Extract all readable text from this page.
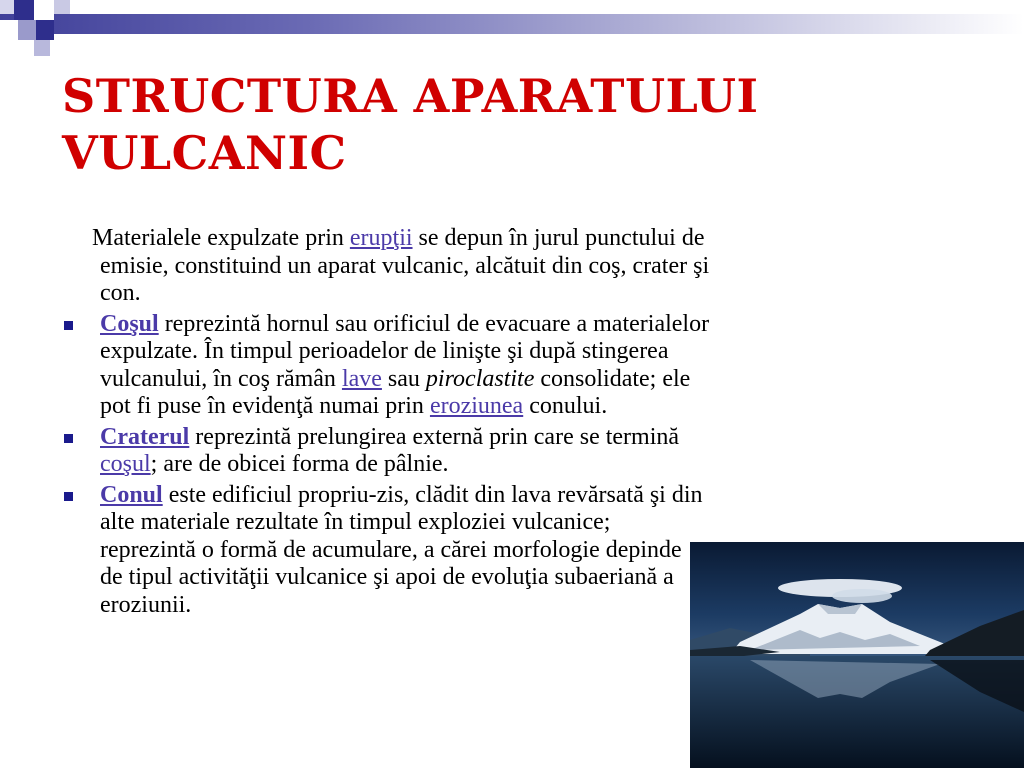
STRUCTURA APARATULUI
VULCANIC

Materialele expulzate prin erupţii se depun în jurul punctului de emisie, constituind un aparat vulcanic, alcătuit din coş, crater şi con.

Coşul reprezintă hornul sau orificiul de evacuare a materialelor expulzate. În timpul perioadelor de linişte şi după stingerea vulcanului, în coş rămân lave sau piroclastite consolidate; ele pot fi puse în evidenţă numai prin eroziunea conului.
Craterul reprezintă prelungirea externă prin care se termină coşul; are de obicei forma de pâlnie.
Conul este edificiul propriu-zis, clădit din lava revărsată şi din alte materiale rezultate în timpul exploziei vulcanice; reprezintă o formă de acumulare, a cărei morfologie depinde de tipul activităţii vulcanice şi apoi de evoluţia subaeriană a eroziunii.
